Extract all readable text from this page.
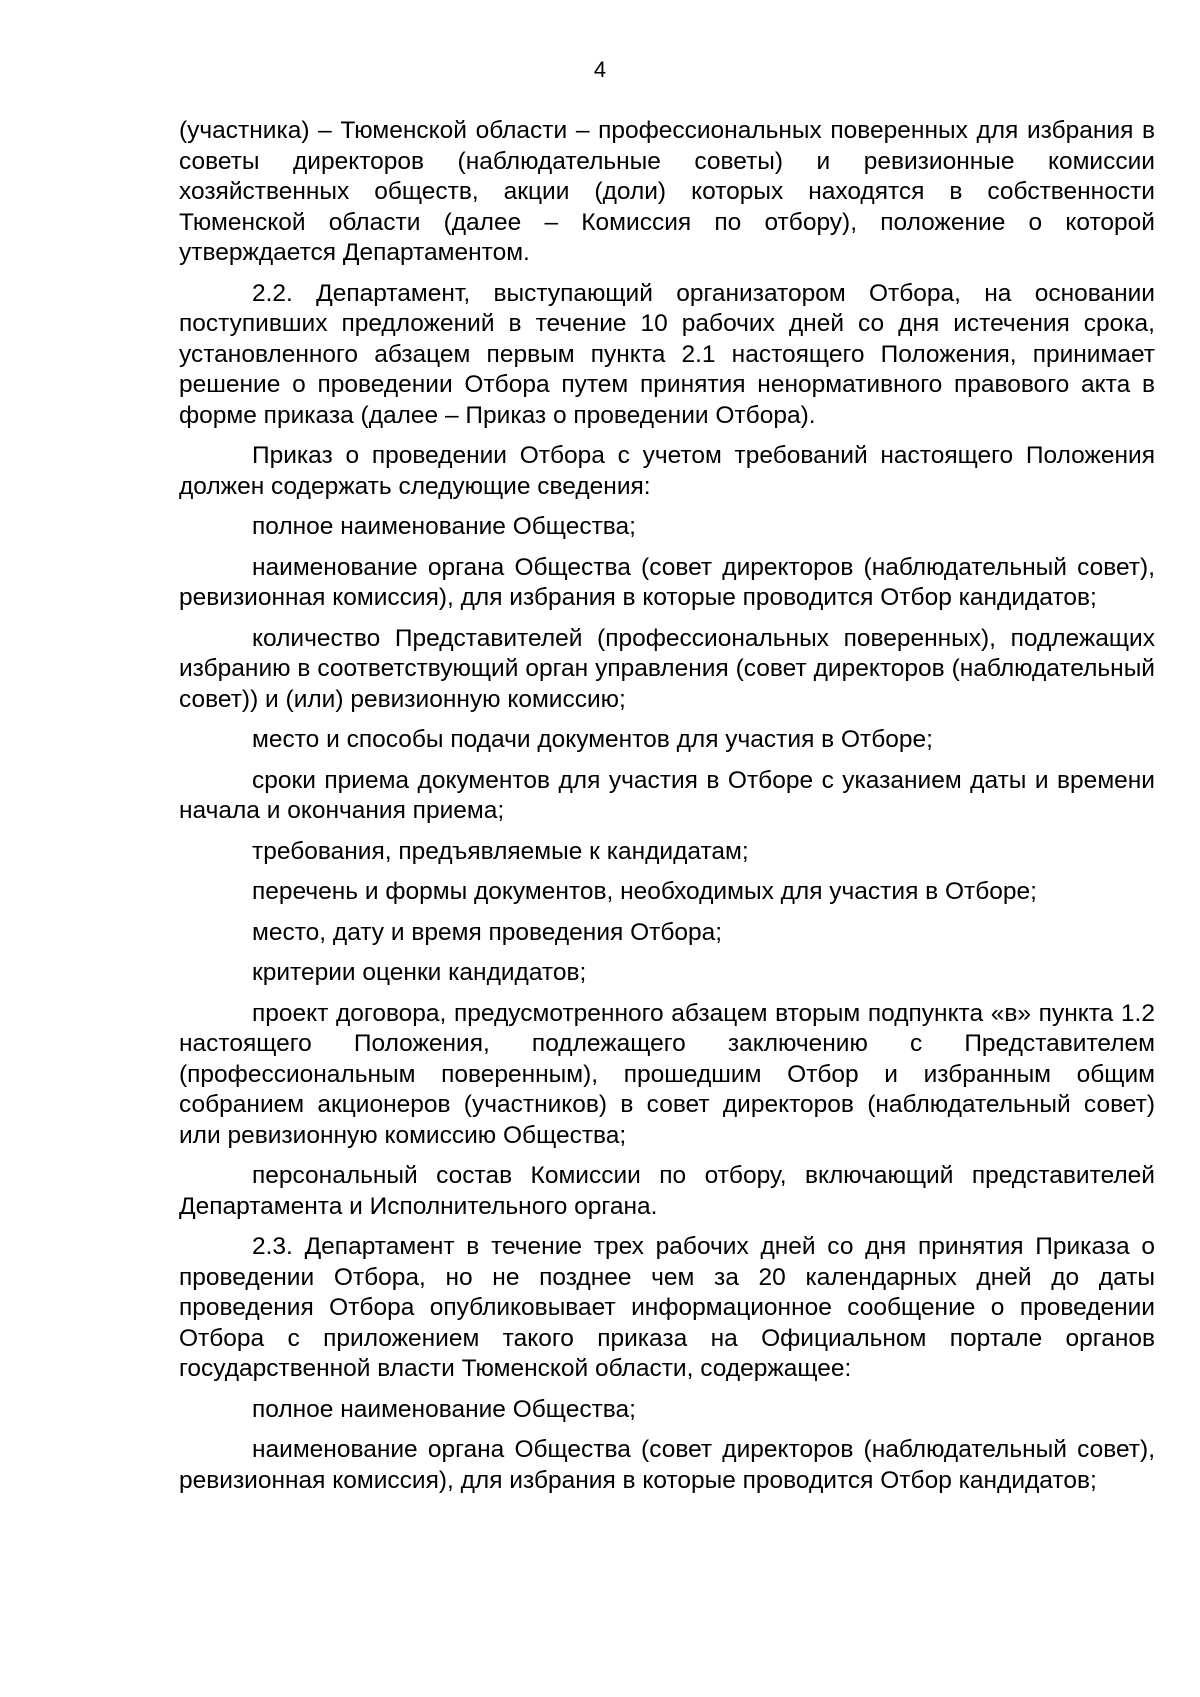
4

(участника) – Тюменской области – профессиональных поверенных для избрания в советы директоров (наблюдательные советы) и ревизионные комиссии хозяйственных обществ, акции (доли) которых находятся в собственности Тюменской области (далее – Комиссия по отбору), положение о которой утверждается Департаментом.

2.2. Департамент, выступающий организатором Отбора, на основании поступивших предложений в течение 10 рабочих дней со дня истечения срока, установленного абзацем первым пункта 2.1 настоящего Положения, принимает решение о проведении Отбора путем принятия ненормативного правового акта в форме приказа (далее – Приказ о проведении Отбора).

Приказ о проведении Отбора с учетом требований настоящего Положения должен содержать следующие сведения:

полное наименование Общества;

наименование органа Общества (совет директоров (наблюдательный совет), ревизионная комиссия), для избрания в которые проводится Отбор кандидатов;

количество Представителей (профессиональных поверенных), подлежащих избранию в соответствующий орган управления (совет директоров (наблюдательный совет)) и (или) ревизионную комиссию;

место и способы подачи документов для участия в Отборе;

сроки приема документов для участия в Отборе с указанием даты и времени начала и окончания приема;

требования, предъявляемые к кандидатам;

перечень и формы документов, необходимых для участия в Отборе;

место, дату и время проведения Отбора;

критерии оценки кандидатов;

проект договора, предусмотренного абзацем вторым подпункта «в» пункта 1.2 настоящего Положения, подлежащего заключению с Представителем (профессиональным поверенным), прошедшим Отбор и избранным общим собранием акционеров (участников) в совет директоров (наблюдательный совет) или ревизионную комиссию Общества;

персональный состав Комиссии по отбору, включающий представителей Департамента и Исполнительного органа.

2.3. Департамент в течение трех рабочих дней со дня принятия Приказа о проведении Отбора, но не позднее чем за 20 календарных дней до даты проведения Отбора опубликовывает информационное сообщение о проведении Отбора с приложением такого приказа на Официальном портале органов государственной власти Тюменской области, содержащее:

полное наименование Общества;

наименование органа Общества (совет директоров (наблюдательный совет), ревизионная комиссия), для избрания в которые проводится Отбор кандидатов;
